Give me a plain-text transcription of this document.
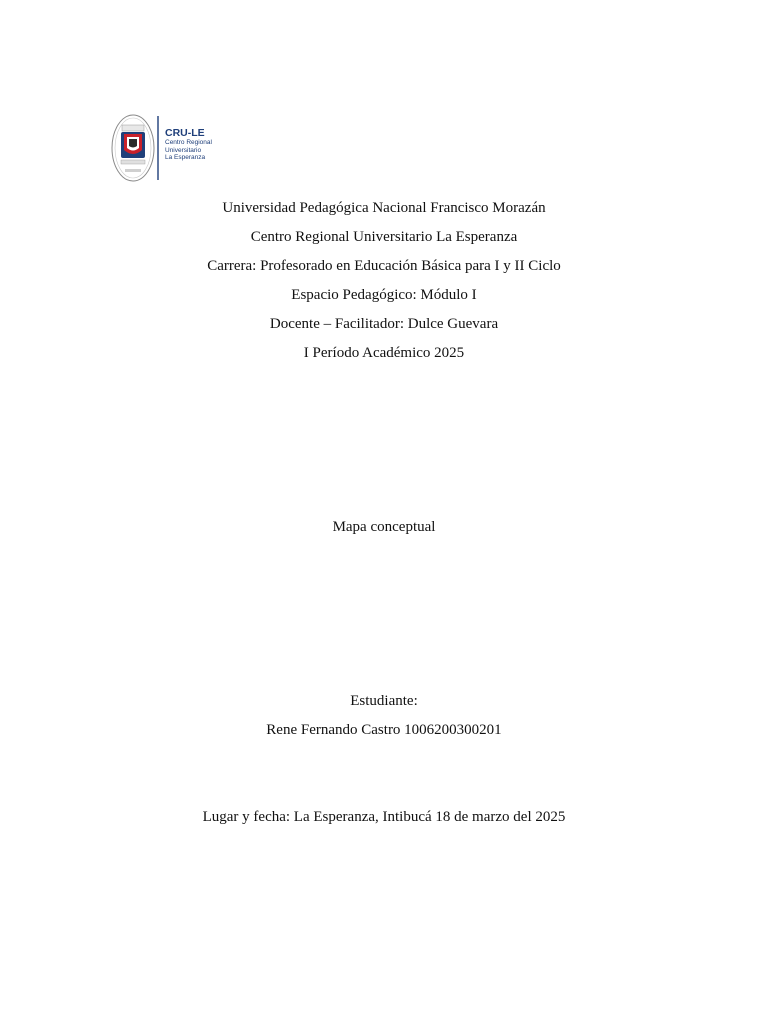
CRU-LE
Centro Regional
Universitario
La Esperanza
Universidad Pedagógica Nacional Francisco Morazán
Centro Regional Universitario La Esperanza
Carrera: Profesorado en Educación Básica para I y II Ciclo
Espacio Pedagógico: Módulo I
Docente – Facilitador: Dulce Guevara
I Período Académico 2025
Mapa conceptual
Estudiante:
Rene Fernando Castro 1006200300201
Lugar y fecha: La Esperanza, Intibucá 18 de marzo del 2025
